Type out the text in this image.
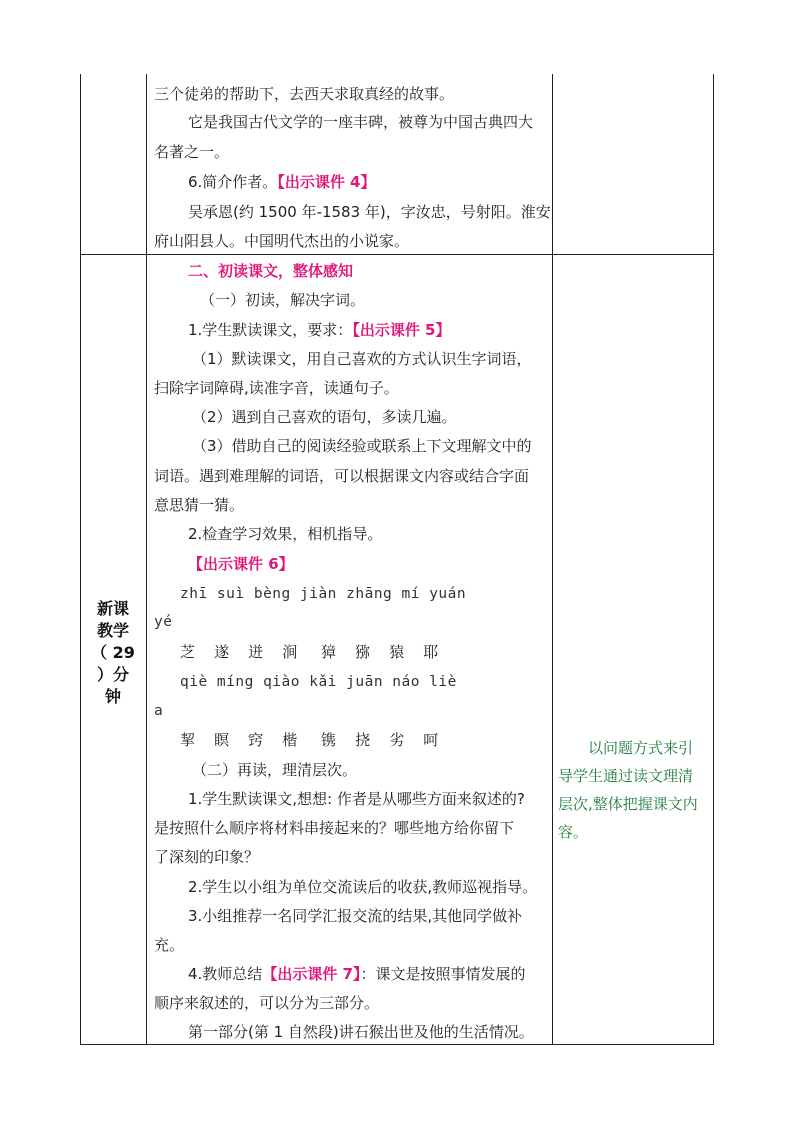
三个徒弟的帮助下，去西天求取真经的故事。
它是我国古代文学的一座丰碑，被尊为中国古典四大
名著之一。
6.简介作者。【出示课件 4】
吴承恩(约 1500 年-1583 年)，字汝忠，号射阳。淮安
府山阳县人。中国明代杰出的小说家。
新课
教学
（ 29
）分
钟
二、初读课文，整体感知
（一）初读，解决字词。
1.学生默读课文，要求：【出示课件 5】
（1）默读课文，用自己喜欢的方式认识生字词语，
扫除字词障碍,读准字音，读通句子。
（2）遇到自己喜欢的语句，多读几遍。
（3）借助自己的阅读经验或联系上下文理解文中的
词语。遇到难理解的词语，可以根据课文内容或结合字面
意思猜一猜。
2.检查学习效果，相机指导。
【出示课件 6】
zhī suì bèng jiàn zhāng mí yuán
yé
芝    遂    迸    涧     獐    猕    猿    耶
qiè míng qiào kǎi juān náo liè
a
挈    瞑    窍    楷     镌    挠    劣    呵
（二）再读，理清层次。
1.学生默读课文,想想: 作者是从哪些方面来叙述的?
是按照什么顺序将材料串接起来的？哪些地方给你留下
了深刻的印象？
2.学生以小组为单位交流读后的收获,教师巡视指导。
3.小组推荐一名同学汇报交流的结果,其他同学做补
充。
4.教师总结【出示课件 7】：课文是按照事情发展的
顺序来叙述的，可以分为三部分。
第一部分(第 1 自然段)讲石猴出世及他的生活情况。
以问题方式来引
导学生通过读文理清
层次,整体把握课文内
容。
